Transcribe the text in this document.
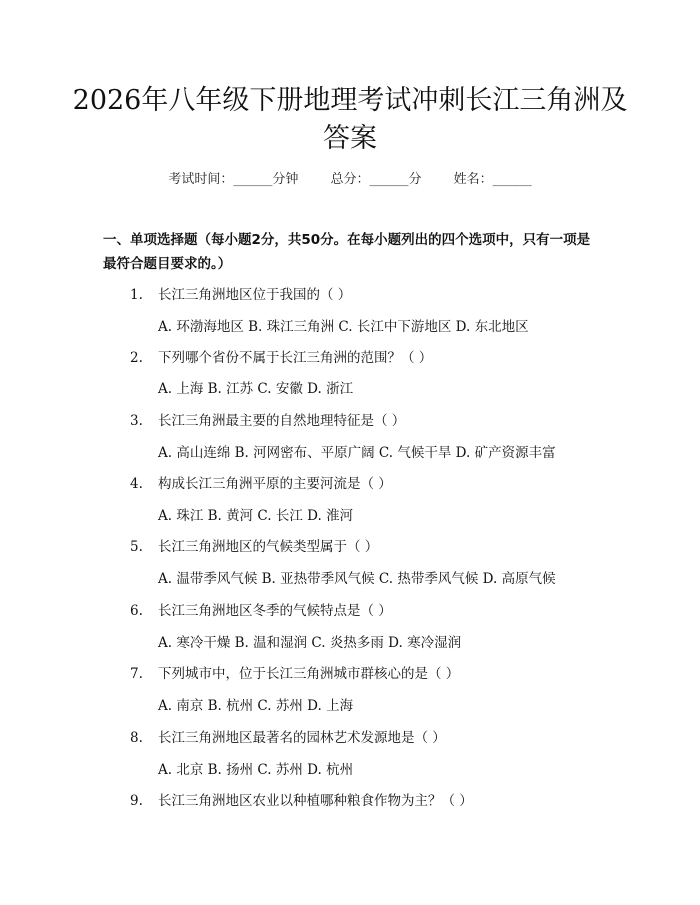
2026年八年级下册地理考试冲刺长江三角洲及答案
考试时间：______分钟 总分：______分 姓名：______
一、单项选择题（每小题2分，共50分。在每小题列出的四个选项中，只有一项是最符合题目要求的。）
1. 长江三角洲地区位于我国的（ ）
A. 环渤海地区 B. 珠江三角洲 C. 长江中下游地区 D. 东北地区
2. 下列哪个省份不属于长江三角洲的范围？（ ）
A. 上海 B. 江苏 C. 安徽 D. 浙江
3. 长江三角洲最主要的自然地理特征是（ ）
A. 高山连绵 B. 河网密布、平原广阔 C. 气候干旱 D. 矿产资源丰富
4. 构成长江三角洲平原的主要河流是（ ）
A. 珠江 B. 黄河 C. 长江 D. 淮河
5. 长江三角洲地区的气候类型属于（ ）
A. 温带季风气候 B. 亚热带季风气候 C. 热带季风气候 D. 高原气候
6. 长江三角洲地区冬季的气候特点是（ ）
A. 寒冷干燥 B. 温和湿润 C. 炎热多雨 D. 寒冷湿润
7. 下列城市中，位于长江三角洲城市群核心的是（ ）
A. 南京 B. 杭州 C. 苏州 D. 上海
8. 长江三角洲地区最著名的园林艺术发源地是（ ）
A. 北京 B. 扬州 C. 苏州 D. 杭州
9. 长江三角洲地区农业以种植哪种粮食作物为主？（ ）
